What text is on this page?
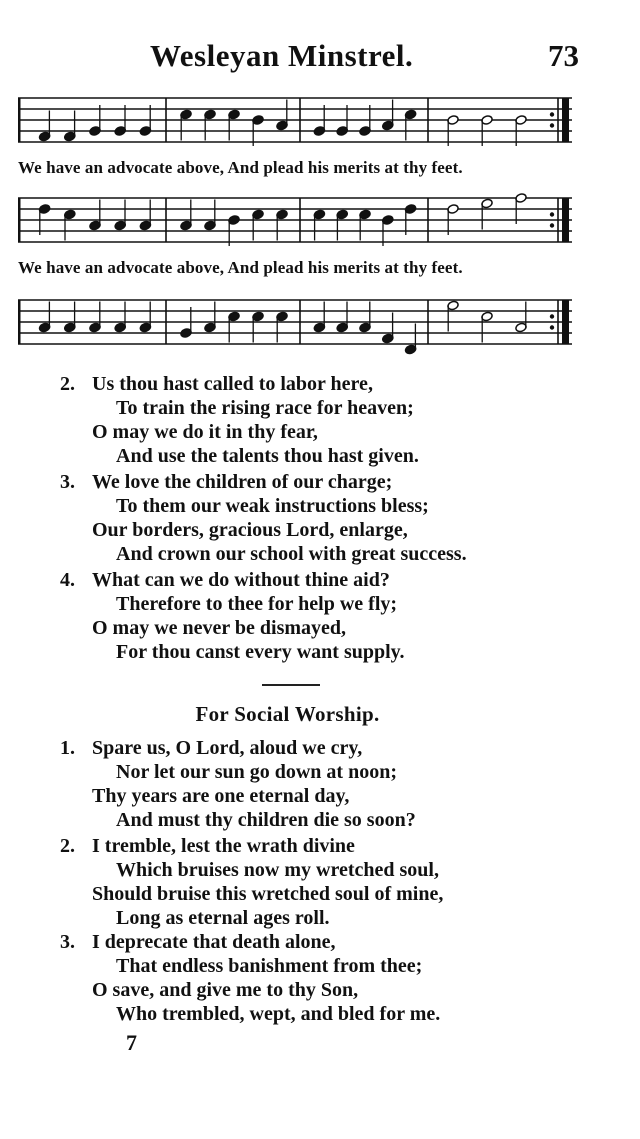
Wesleyan Minstrel.	73
We have an advocate above, And plead his merits at thy feet.
We have an advocate above, And plead his merits at thy feet.
2. Us thou hast called to labor here,
To train the rising race for heaven;
O may we do it in thy fear,
And use the talents thou hast given.
3. We love the children of our charge;
To them our weak instructions bless;
Our borders, gracious Lord, enlarge,
And crown our school with great success.
4. What can we do without thine aid?
Therefore to thee for help we fly;
O may we never be dismayed,
For thou canst every want supply.
For Social Worship.
1. Spare us, O Lord, aloud we cry,
Nor let our sun go down at noon;
Thy years are one eternal day,
And must thy children die so soon?
2. I tremble, lest the wrath divine
Which bruises now my wretched soul,
Should bruise this wretched soul of mine,
Long as eternal ages roll.
3. I deprecate that death alone,
That endless banishment from thee;
O save, and give me to thy Son,
Who trembled, wept, and bled for me.
7
